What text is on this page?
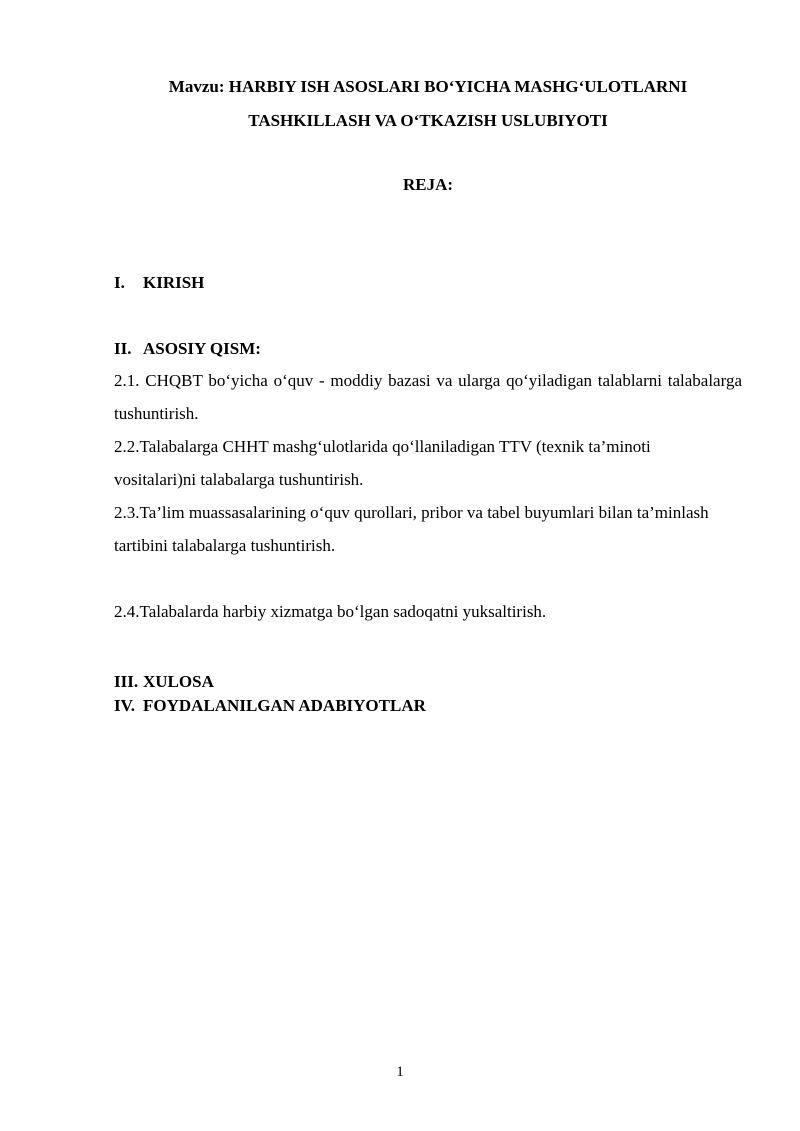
Mavzu: HARBIY ISH ASOSLARI BO‘YICHA MASHG‘ULOTLARNI
TASHKILLASH VA O‘TKAZISH USLUBIYOTI
REJA:
I. KIRISH
II. ASOSIY QISM:
2.1. CHQBT bo‘yicha o‘quv - moddiy bazasi va ularga qo‘yiladigan talablarni talabalarga tushuntirish.
2.2.Talabalarga CHHT mashg‘ulotlarida qo‘llaniladigan TTV (texnik ta’minoti
vositalari)ni talabalarga tushuntirish.
2.3.Ta’lim muassasalarining o‘quv qurollari, pribor va tabel buyumlari bilan ta’minlash
tartibini talabalarga tushuntirish.
2.4.Talabalarda harbiy xizmatga bo‘lgan sadoqatni yuksaltirish.
III. XULOSA
IV. FOYDALANILGAN ADABIYOTLAR
1
